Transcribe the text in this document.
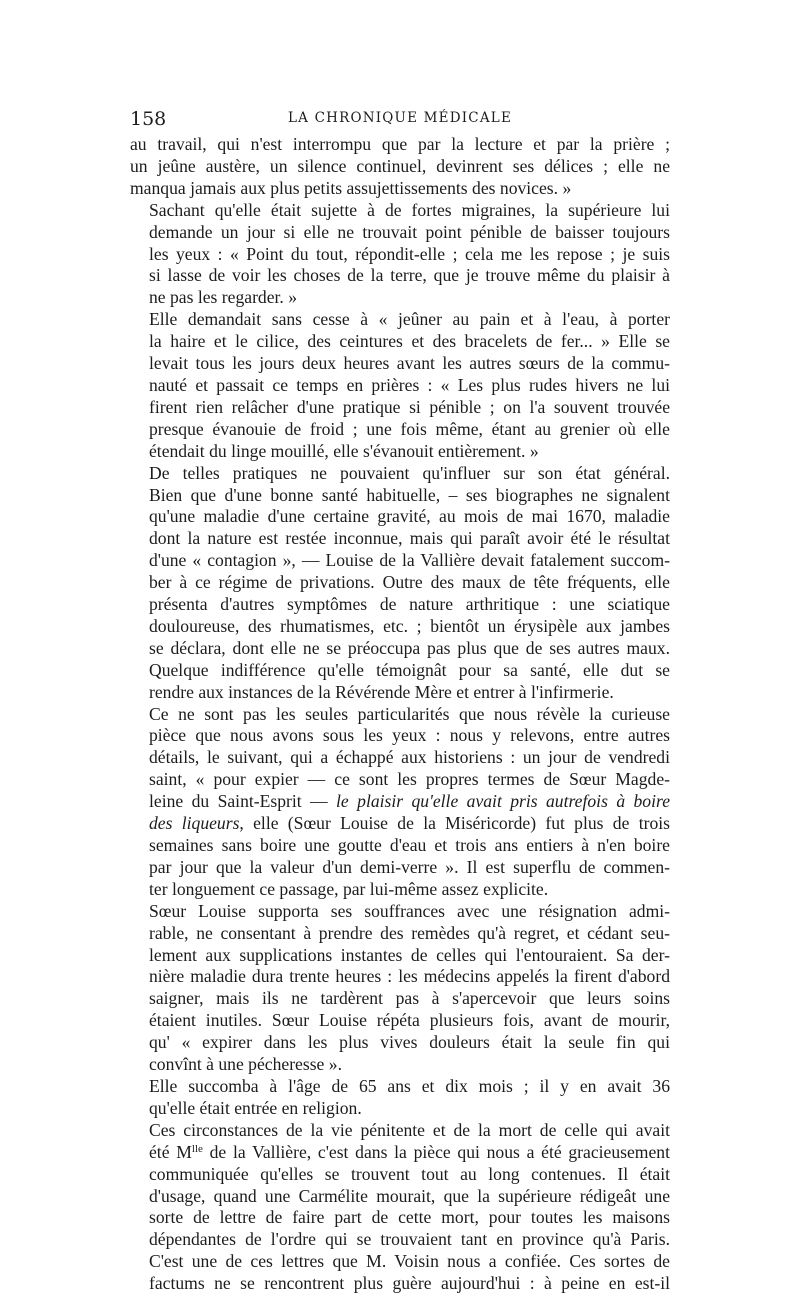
158	LA CHRONIQUE MÉDICALE

au travail, qui n'est interrompu que par la lecture et par la prière ;
un jeûne austère, un silence continuel, devinrent ses délices ; elle ne
manqua jamais aux plus petits assujettissements des novices. »

Sachant qu'elle était sujette à de fortes migraines, la supérieure lui
demande un jour si elle ne trouvait point pénible de baisser toujours
les yeux : « Point du tout, répondit-elle ; cela me les repose ; je suis
si lasse de voir les choses de la terre, que je trouve même du plaisir à
ne pas les regarder. »

Elle demandait sans cesse à « jeûner au pain et à l'eau, à porter
la haire et le cilice, des ceintures et des bracelets de fer... » Elle se
levait tous les jours deux heures avant les autres sœurs de la commu-
nauté et passait ce temps en prières : « Les plus rudes hivers ne lui
firent rien relâcher d'une pratique si pénible ; on l'a souvent trouvée
presque évanouie de froid ; une fois même, étant au grenier où elle
étendait du linge mouillé, elle s'évanouit entièrement. »

De telles pratiques ne pouvaient qu'influer sur son état général.
Bien que d'une bonne santé habituelle, – ses biographes ne signalent
qu'une maladie d'une certaine gravité, au mois de mai 1670, maladie
dont la nature est restée inconnue, mais qui paraît avoir été le résultat
d'une « contagion », — Louise de la Vallière devait fatalement succom-
ber à ce régime de privations. Outre des maux de tête fréquents, elle
présenta d'autres symptômes de nature arthritique : une sciatique
douloureuse, des rhumatismes, etc. ; bientôt un érysipèle aux jambes
se déclara, dont elle ne se préoccupa pas plus que de ses autres maux.
Quelque indifférence qu'elle témoignât pour sa santé, elle dut se
rendre aux instances de la Révérende Mère et entrer à l'infirmerie.

Ce ne sont pas les seules particularités que nous révèle la curieuse
pièce que nous avons sous les yeux : nous y relevons, entre autres
détails, le suivant, qui a échappé aux historiens : un jour de vendredi
saint, « pour expier — ce sont les propres termes de Sœur Magde-
leine du Saint-Esprit — le plaisir qu'elle avait pris autrefois à boire
des liqueurs, elle (Sœur Louise de la Miséricorde) fut plus de trois
semaines sans boire une goutte d'eau et trois ans entiers à n'en boire
par jour que la valeur d'un demi-verre ». Il est superflu de commen-
ter longuement ce passage, par lui-même assez explicite.

Sœur Louise supporta ses souffrances avec une résignation admi-
rable, ne consentant à prendre des remèdes qu'à regret, et cédant seu-
lement aux supplications instantes de celles qui l'entouraient. Sa der-
nière maladie dura trente heures : les médecins appelés la firent d'abord
saigner, mais ils ne tardèrent pas à s'apercevoir que leurs soins
étaient inutiles. Sœur Louise répéta plusieurs fois, avant de mourir,
qu' « expirer dans les plus vives douleurs était la seule fin qui
convînt à une pécheresse ».

Elle succomba à l'âge de 65 ans et dix mois ; il y en avait 36
qu'elle était entrée en religion.

Ces circonstances de la vie pénitente et de la mort de celle qui avait
été $M^{lle}$ de la Vallière, c'est dans la pièce qui nous a été gracieusement
communiquée qu'elles se trouvent tout au long contenues. Il était
d'usage, quand une Carmélite mourait, que la supérieure rédigeât une
sorte de lettre de faire part de cette mort, pour toutes les maisons
dépendantes de l'ordre qui se trouvaient tant en province qu'à Paris.
C'est une de ces lettres que M. Voisin nous a confiée. Ces sortes de
factums ne se rencontrent plus guère aujourd'hui : à peine en est-il
